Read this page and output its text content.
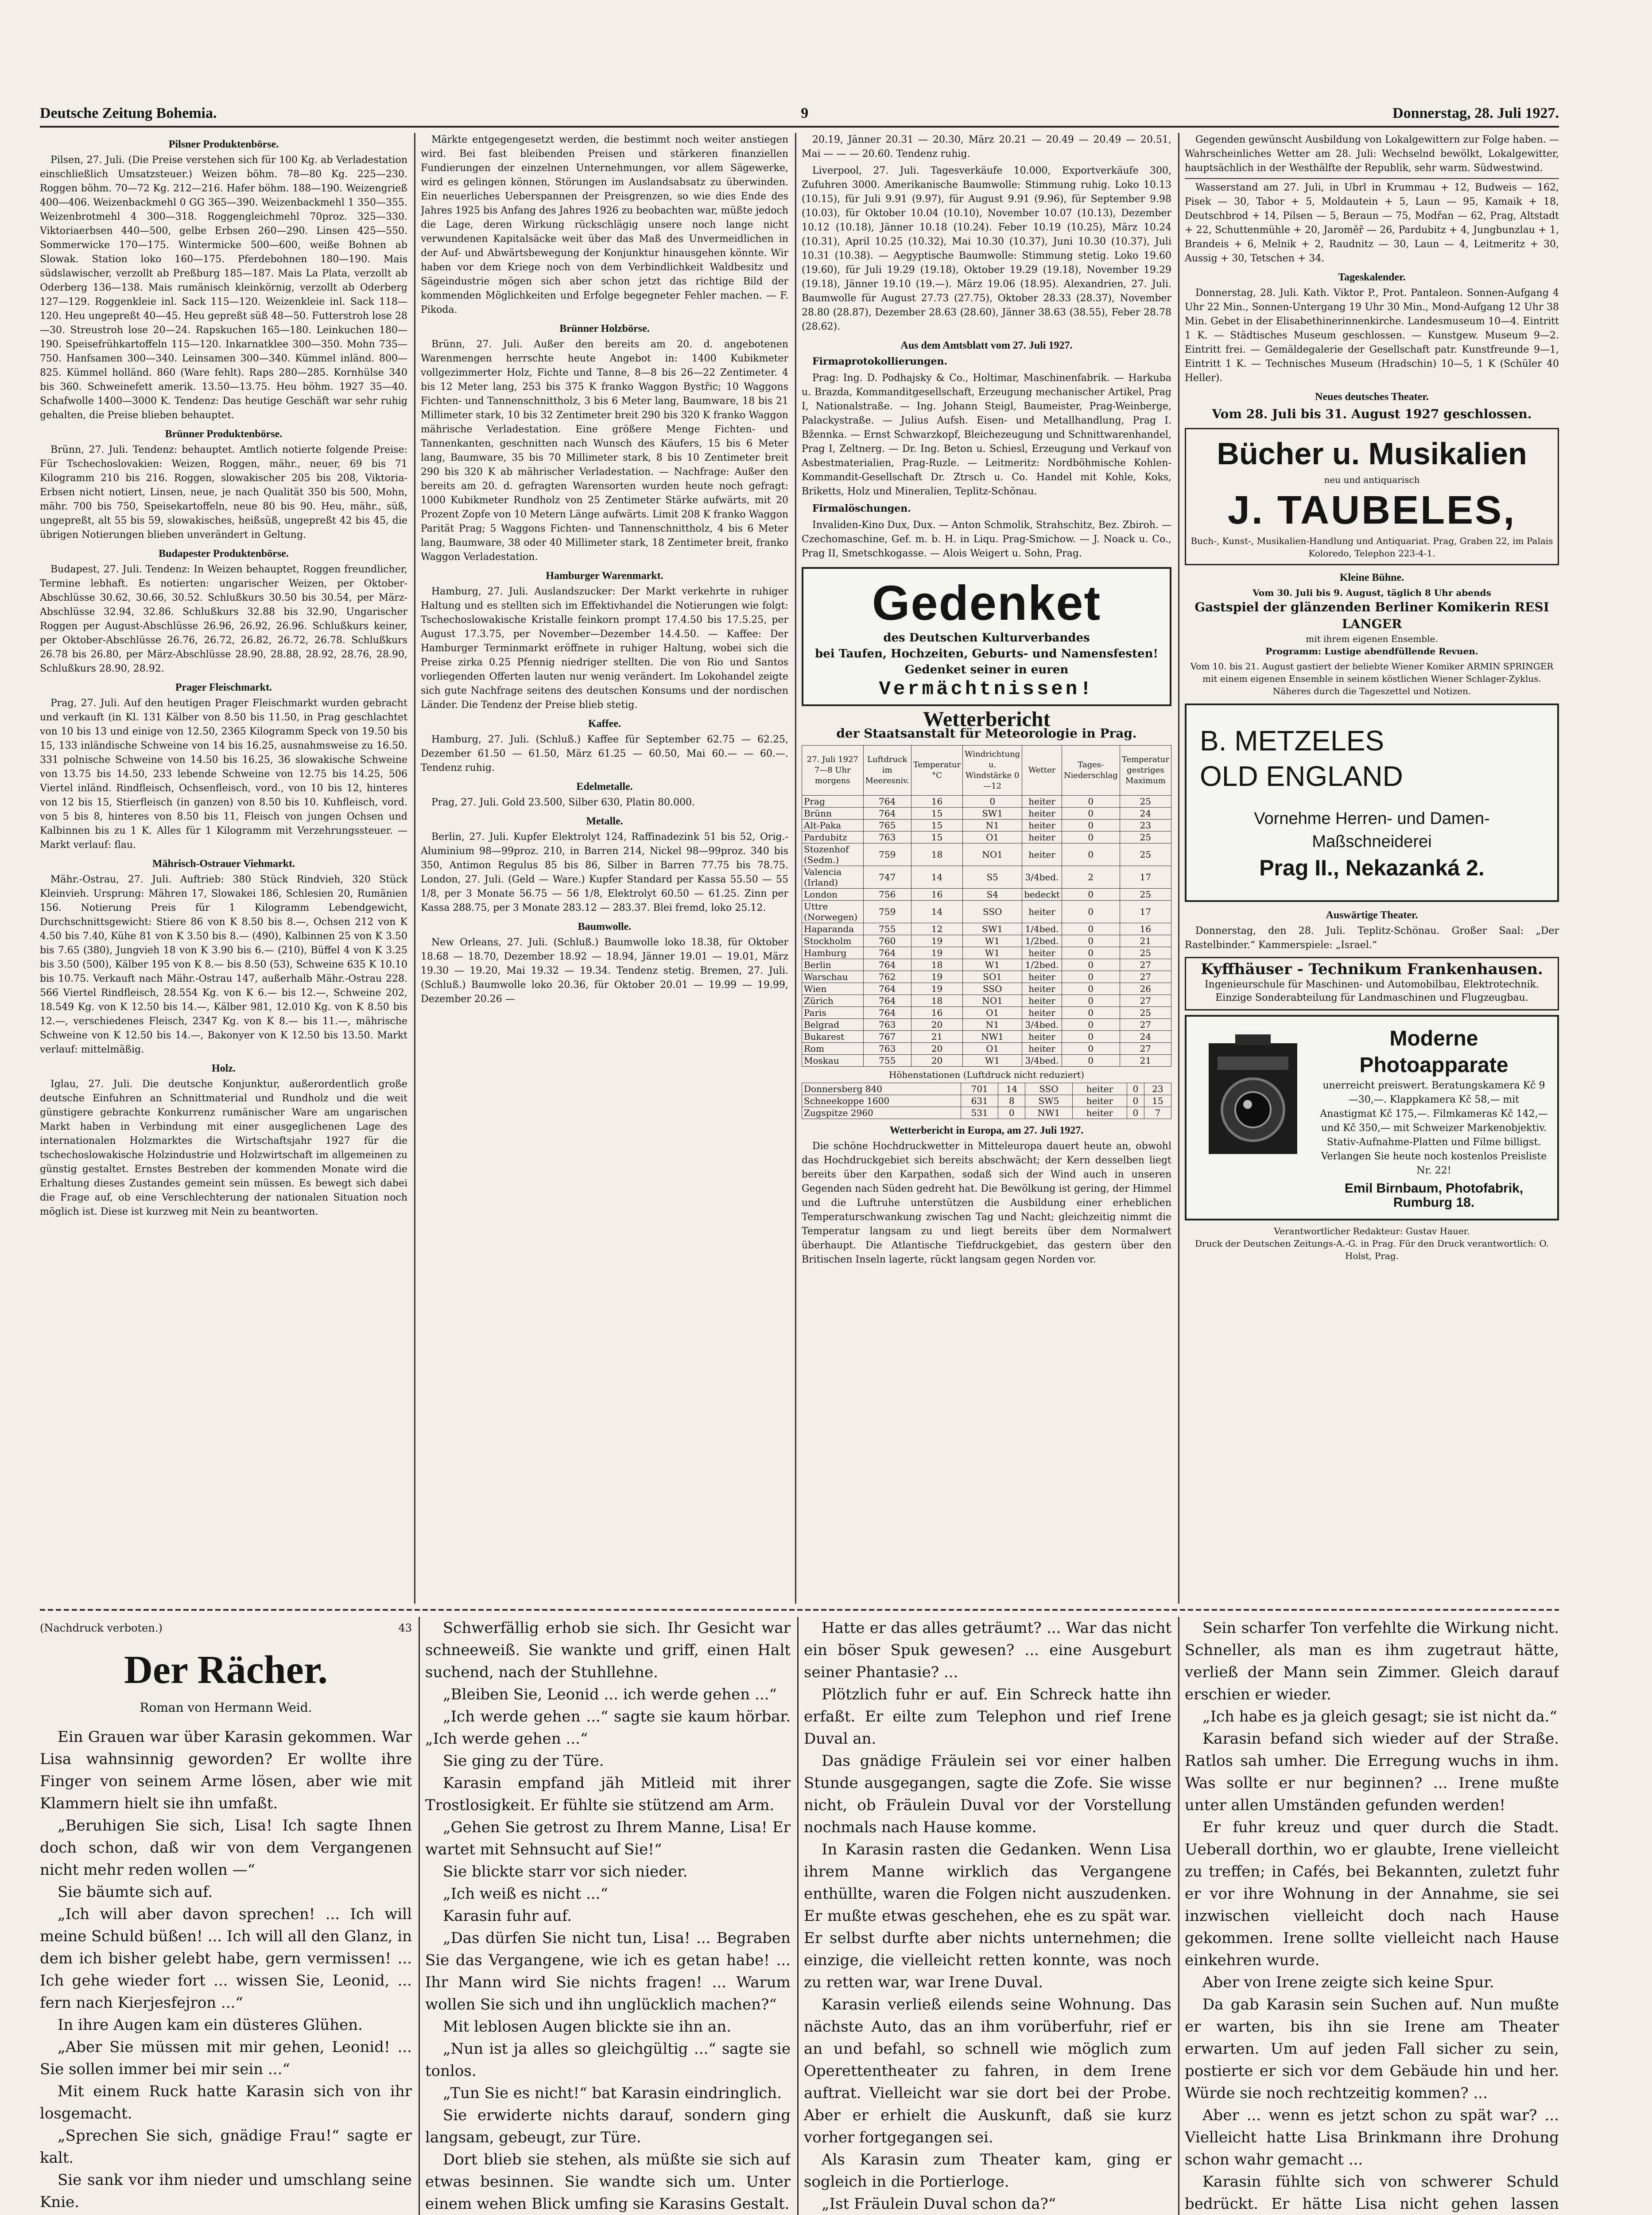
Deutsche Zeitung Bohemia.	9	Donnerstag, 28. Juli 1927.
Pilsner Produktenbörse.

Pilsen, 27. Juli. (Die Preise verstehen sich für 100 Kg. ab Verladestation einschließlich Umsatzsteuer.) Weizen böhm. 78—80 Kg. 225—230. Roggen böhm. 70—72 Kg. 212—216. Hafer böhm. 188—190. Weizengrieß 400—406. Weizenbackmehl 0 GG 365—390. Weizenbackmehl 1 350—355. Weizenbrotmehl 4 300—318. Roggengleichmehl 70proz. 325—330. Viktoriaerbsen 440—500, gelbe Erbsen 260—290. Linsen 425—550. Sommerwicke 170—175. Wintermicke 500—600, weiße Bohnen ab Slowak. Station loko 160—175. Pferdebohnen 180—190. Mais südslawischer, verzollt ab Preßburg 185—187. Mais La Plata, verzollt ab Oderberg 136—138. Mais rumänisch kleinkörnig, verzollt ab Oderberg 127—129. Roggenkleie inl. Sack 115—120. Weizenkleie inl. Sack 118—120. Heu ungepreßt 40—45. Heu gepreßt süß 48—50. Futterstroh lose 28—30. Streustroh lose 20—24. Rapskuchen 165—180. Leinkuchen 180—190. Speisefrühkartoffeln 115—120. Inkarnatklee 300—350. Mohn 735—750. Hanfsamen 300—340. Leinsamen 300—340. Kümmel inländ. 800—825. Kümmel holländ. 860 (Ware fehlt). Raps 280—285. Kornhülse 340 bis 360. Schweinefett amerik. 13.50—13.75. Heu böhm. 1927 35—40. Schafwolle 1400—3000 K. Tendenz: Das heutige Geschäft war sehr ruhig gehalten, die Preise blieben behauptet.

Brünner Produktenbörse.

Brünn, 27. Juli. Tendenz: behauptet. Amtlich notierte folgende Preise: Für Tschechoslovakien: Weizen, Roggen, mähr., neuer, 69 bis 71 Kilogramm 210 bis 216. Roggen, slowakischer 205 bis 208, Viktoria-Erbsen nicht notiert, Linsen, neue, je nach Qualität 350 bis 500, Mohn, mähr. 700 bis 750, Speisekartoffeln, neue 80 bis 90. Heu, mähr., süß, ungepreßt, alt 55 bis 59, slowakisches, heißsüß, ungepreßt 42 bis 45, die übrigen Notierungen blieben unverändert in Geltung.

Budapester Produktenbörse.

Budapest, 27. Juli. Tendenz: In Weizen behauptet, Roggen freundlicher, Termine lebhaft. Es notierten: ungarischer Weizen, per Oktober-Abschlüsse 30.62, 30.66, 30.52. Schlußkurs 30.50 bis 30.54, per März-Abschlüsse 32.94, 32.86. Schlußkurs 32.88 bis 32.90, Ungarischer Roggen per August-Abschlüsse 26.96, 26.92, 26.96. Schlußkurs keiner, per Oktober-Abschlüsse 26.76, 26.72, 26.82, 26.72, 26.78. Schlußkurs 26.78 bis 26.80, per März-Abschlüsse 28.90, 28.88, 28.92, 28.76, 28.90, Schlußkurs 28.90, 28.92.

Prager Fleischmarkt.

Prag, 27. Juli. Auf den heutigen Prager Fleischmarkt wurden gebracht und verkauft (in Kl. 131 Kälber von 8.50 bis 11.50, in Prag geschlachtet von 10 bis 13 und einige von 12.50, 2365 Kilogramm Speck von 19.50 bis 15, 133 inländische Schweine von 14 bis 16.25, ausnahmsweise zu 16.50. 331 polnische Schweine von 14.50 bis 16.25, 36 slowakische Schweine von 13.75 bis 14.50, 233 lebende Schweine von 12.75 bis 14.25, 506 Viertel inländ. Rindfleisch, Ochsenfleisch, vord., von 10 bis 12, hinteres von 12 bis 15, Stierfleisch (in ganzen) von 8.50 bis 10. Kuhfleisch, vord. von 5 bis 8, hinteres von 8.50 bis 11, Fleisch von jungen Ochsen und Kalbinnen bis zu 1 K. Alles für 1 Kilogramm mit Verzehrungssteuer. — Markt verlauf: flau.

Mährisch-Ostrauer Viehmarkt.

Mähr.-Ostrau, 27. Juli. Auftrieb: 380 Stück Rindvieh, 320 Stück Kleinvieh. Ursprung: Mähren 17, Slowakei 186, Schlesien 20, Rumänien 156. Notierung Preis für 1 Kilogramm Lebendgewicht, Durchschnittsgewicht: Stiere 86 von K 8.50 bis 8.—, Ochsen 212 von K 4.50 bis 7.40, Kühe 81 von K 3.50 bis 8.— (490), Kalbinnen 25 von K 3.50 bis 7.65 (380), Jungvieh 18 von K 3.90 bis 6.— (210), Büffel 4 von K 3.25 bis 3.50 (500), Kälber 195 von K 8.— bis 8.50 (53), Schweine 635 K 10.10 bis 10.75. Verkauft nach Mähr.-Ostrau 147, außerhalb Mähr.-Ostrau 228. 566 Viertel Rindfleisch, 28.554 Kg. von K 6.— bis 12.—, Schweine 202, 18.549 Kg. von K 12.50 bis 14.—, Kälber 981, 12.010 Kg. von K 8.50 bis 12.—, verschiedenes Fleisch, 2347 Kg. von K 8.— bis 11.—, mährische Schweine von K 12.50 bis 14.—, Bakonyer von K 12.50 bis 13.50. Markt verlauf: mittelmäßig.

Holz.

Iglau, 27. Juli. Die deutsche Konjunktur, außerordentlich große deutsche Einfuhren an Schnittmaterial und Rundholz und die weit günstigere gebrachte Konkurrenz rumänischer Ware am ungarischen Markt haben in Verbindung mit einer ausgeglichenen Lage des internationalen Holzmarktes die Wirtschaftsjahr 1927 für die tschechoslowakische Holzindustrie und Holzwirtschaft im allgemeinen zu günstig gestaltet. Ernstes Bestreben der kommenden Monate wird die Erhaltung dieses Zustandes gemeint sein müssen. Es bewegt sich dabei die Frage auf, ob eine Verschlechterung der nationalen Situation noch möglich ist. Diese ist kurzweg mit Nein zu beantworten.

Märkte entgegengesetzt werden, die bestimmt noch weiter anstiegen wird. Bei fast bleibenden Preisen und stärkeren finanziellen Fundierungen der einzelnen Unternehmungen, vor allem Sägewerke, wird es gelingen können, Störungen im Auslandsabsatz zu überwinden. Ein neuerliches Ueberspannen der Preisgrenzen, so wie dies Ende des Jahres 1925 bis Anfang des Jahres 1926 zu beobachten war, müßte jedoch die Lage, deren Wirkung rückschlägig unsere noch lange nicht verwundenen Kapitalsäcke weit über das Maß des Unvermeidlichen in der Auf- und Abwärtsbewegung der Konjunktur hinausgehen könnte. Wir haben vor dem Kriege noch von dem Verbindlichkeit Waldbesitz und Sägeindustrie mögen sich aber schon jetzt das richtige Bild der kommenden Möglichkeiten und Erfolge begegneter Fehler machen. — F. Pikoda.

Brünner Holzbörse.

Brünn, 27. Juli. Außer den bereits am 20. d. angebotenen Warenmengen herrschte heute Angebot in: 1400 Kubikmeter vollgezimmerter Holz, Fichte und Tanne, 8—8 bis 26—22 Zentimeter. 4 bis 12 Meter lang, 253 bis 375 K franko Waggon Bystřic; 10 Waggons Fichten- und Tannenschnittholz, 3 bis 6 Meter lang, Baumware, 18 bis 21 Millimeter stark, 10 bis 32 Zentimeter breit 290 bis 320 K franko Waggon mährische Verladestation. Eine größere Menge Fichten- und Tannenkanten, geschnitten nach Wunsch des Käufers, 15 bis 6 Meter lang, Baumware, 35 bis 70 Millimeter stark, 8 bis 10 Zentimeter breit 290 bis 320 K ab mährischer Verladestation. — Nachfrage: Außer den bereits am 20. d. gefragten Warensorten wurden heute noch gefragt: 1000 Kubikmeter Rundholz von 25 Zentimeter Stärke aufwärts, mit 20 Prozent Zopfe von 10 Metern Länge aufwärts. Limit 208 K franko Waggon Parität Prag; 5 Waggons Fichten- und Tannenschnittholz, 4 bis 6 Meter lang, Baumware, 38 oder 40 Millimeter stark, 18 Zentimeter breit, franko Waggon Verladestation.

Hamburger Warenmarkt.

Hamburg, 27. Juli. Auslandszucker: Der Markt verkehrte in ruhiger Haltung und es stellten sich im Effektivhandel die Notierungen wie folgt: Tschechoslowakische Kristalle feinkorn prompt 17.4.50 bis 17.5.25, per August 17.3.75, per November—Dezember 14.4.50. — Kaffee: Der Hamburger Terminmarkt eröffnete in ruhiger Haltung, wobei sich die Preise zirka 0.25 Pfennig niedriger stellten. Die von Rio und Santos vorliegenden Offerten lauten nur wenig verändert. Im Lokohandel zeigte sich gute Nachfrage seitens des deutschen Konsums und der nordischen Länder. Die Tendenz der Preise blieb stetig.

Kaffee.

Hamburg, 27. Juli. (Schluß.) Kaffee für September 62.75 — 62.25, Dezember 61.50 — 61.50, März 61.25 — 60.50, Mai 60.— — 60.—. Tendenz ruhig.

Edelmetalle.

Prag, 27. Juli. Gold 23.500, Silber 630, Platin 80.000.

Metalle.

Berlin, 27. Juli. Kupfer Elektrolyt 124, Raffinadezink 51 bis 52, Orig.-Aluminium 98—99proz. 210, in Barren 214, Nickel 98—99proz. 340 bis 350, Antimon Regulus 85 bis 86, Silber in Barren 77.75 bis 78.75. London, 27. Juli. (Geld — Ware.) Kupfer Standard per Kassa 55.50 — 55 1/8, per 3 Monate 56.75 — 56 1/8, Elektrolyt 60.50 — 61.25. Zinn per Kassa 288.75, per 3 Monate 283.12 — 283.37. Blei fremd, loko 25.12.

Baumwolle.

New Orleans, 27. Juli. (Schluß.) Baumwolle loko 18.38, für Oktober 18.68 — 18.70, Dezember 18.92 — 18.94, Jänner 19.01 — 19.01, März 19.30 — 19.20, Mai 19.32 — 19.34. Tendenz stetig. Bremen, 27. Juli. (Schluß.) Baumwolle loko 20.36, für Oktober 20.01 — 19.99 — 19.99, Dezember 20.26 —

20.19, Jänner 20.31 — 20.30, März 20.21 — 20.49 — 20.49 — 20.51, Mai — — — 20.60. Tendenz ruhig.

Liverpool, 27. Juli. Tagesverkäufe 10.000, Exportverkäufe 300, Zufuhren 3000. Amerikanische Baumwolle: Stimmung ruhig. Loko 10.13 (10.15), für Juli 9.91 (9.97), für August 9.91 (9.96), für September 9.98 (10.03), für Oktober 10.04 (10.10), November 10.07 (10.13), Dezember 10.12 (10.18), Jänner 10.18 (10.24). Feber 10.19 (10.25), März 10.24 (10.31), April 10.25 (10.32), Mai 10.30 (10.37), Juni 10.30 (10.37), Juli 10.31 (10.38). — Aegyptische Baumwolle: Stimmung stetig. Loko 19.60 (19.60), für Juli 19.29 (19.18), Oktober 19.29 (19.18), November 19.29 (19.18), Jänner 19.10 (19.—). März 19.06 (18.95). Alexandrien, 27. Juli. Baumwolle für August 27.73 (27.75), Oktober 28.33 (28.37), November 28.80 (28.87), Dezember 28.63 (28.60), Jänner 38.63 (38.55), Feber 28.78 (28.62).

Aus dem Amtsblatt vom 27. Juli 1927.

Firmaprotokollierungen.

Prag: Ing. D. Podhajsky & Co., Holtimar, Maschinenfabrik. — Harkuba u. Brazda, Kommanditgesellschaft, Erzeugung mechanischer Artikel, Prag I, Nationalstraße. — Ing. Johann Steigl, Baumeister, Prag-Weinberge, Palackystraße. — Julius Aufsh. Eisen- und Metallhandlung, Prag I. Bžennka. — Ernst Schwarzkopf, Bleichezeugung und Schnittwarenhandel, Prag I, Zeltnerg. — Dr. Ing. Beton u. Schiesl, Erzeugung und Verkauf von Asbestmaterialien, Prag-Ruzle. — Leitmeritz: Nordböhmische Kohlen-Kommandit-Gesellschaft Dr. Ztrsch u. Co. Handel mit Kohle, Koks, Briketts, Holz und Mineralien, Teplitz-Schönau.

Firmalöschungen.

Invaliden-Kino Dux, Dux. — Anton Schmolik, Strahschitz, Bez. Zbiroh. — Czechomaschine, Gef. m. b. H. in Liqu. Prag-Smichow. — J. Noack u. Co., Prag II, Smetschkogasse. — Alois Weigert u. Sohn, Prag.

Gedenket
des Deutschen Kulturverbandes
bei Taufen, Hochzeiten, Geburts- und Namensfesten!
Gedenket seiner in euren
Vermächtnissen!
Wetterbericht
der Staatsanstalt für Meteorologie in Prag.
27. Juli 1927 7—8 Uhr morgens	Luftdruck im Meeresniv.	Temperatur °C	Windrichtung u. Windstärke 0—12	Wetter	Tages-Niederschlag	Temperatur gestriges Maximum
Prag	764	16	0	heiter	0	25
Brünn	764	15	SW1	heiter	0	24
Alt-Paka	765	15	N1	heiter	0	23
Pardubitz	763	15	O1	heiter	0	25
Stozenhof (Sedm.)	759	18	NO1	heiter	0	25
Valencia (Irland)	747	14	S5	3/4bed.	2	17
London	756	16	S4	bedeckt	0	25
Uttre (Norwegen)	759	14	SSO	heiter	0	17
Haparanda	755	12	SW1	1/4bed.	0	16
Stockholm	760	19	W1	1/2bed.	0	21
Hamburg	764	19	W1	heiter	0	25
Berlin	764	18	W1	1/2bed.	0	27
Warschau	762	19	SO1	heiter	0	27
Wien	764	19	SSO	heiter	0	26
Zürich	764	18	NO1	heiter	0	27
Paris	764	16	O1	heiter	0	25
Belgrad	763	20	N1	3/4bed.	0	27
Bukarest	767	21	NW1	heiter	0	24
Rom	763	20	O1	heiter	0	27
Moskau	755	20	W1	3/4bed.	0	21
Höhenstationen (Luftdruck nicht reduziert)
Donnersberg 840	701	14	SSO	heiter	0	23
Schneekoppe 1600	631	8	SW5	heiter	0	15
Zugspitze 2960	531	0	NW1	heiter	0	7
Wetterbericht in Europa, am 27. Juli 1927.

Die schöne Hochdruckwetter in Mitteleuropa dauert heute an, obwohl das Hochdruckgebiet sich bereits abschwächt; der Kern desselben liegt bereits über den Karpathen, sodaß sich der Wind auch in unseren Gegenden nach Süden gedreht hat. Die Bewölkung ist gering, der Himmel und die Luftruhe unterstützen die Ausbildung einer erheblichen Temperaturschwankung zwischen Tag und Nacht; gleichzeitig nimmt die Temperatur langsam zu und liegt bereits über dem Normalwert überhaupt. Die Atlantische Tiefdruckgebiet, das gestern über den Britischen Inseln lagerte, rückt langsam gegen Norden vor.

Gegenden gewünscht Ausbildung von Lokalgewittern zur Folge haben. — Wahrscheinliches Wetter am 28. Juli: Wechselnd bewölkt, Lokalgewitter, hauptsächlich in der Westhälfte der Republik, sehr warm. Südwestwind.

Wasserstand am 27. Juli, in Ubrl in Krummau + 12, Budweis — 162, Pisek — 30, Tabor + 5, Moldautein + 5, Laun — 95, Kamaik + 18, Deutschbrod + 14, Pilsen — 5, Beraun — 75, Modřan — 62, Prag, Altstadt + 22, Schuttenmühle + 20, Jaroměř — 26, Pardubitz + 4, Jungbunzlau + 1, Brandeis + 6, Melnik + 2, Raudnitz — 30, Laun — 4, Leitmeritz + 30, Aussig + 30, Tetschen + 34.

Tageskalender.

Donnerstag, 28. Juli. Kath. Viktor P., Prot. Pantaleon. Sonnen-Aufgang 4 Uhr 22 Min., Sonnen-Untergang 19 Uhr 30 Min., Mond-Aufgang 12 Uhr 38 Min. Gebet in der Elisabethinerinnenkirche. Landesmuseum 10—4. Eintritt 1 K. — Städtisches Museum geschlossen. — Kunstgew. Museum 9—2. Eintritt frei. — Gemäldegalerie der Gesellschaft patr. Kunstfreunde 9—1, Eintritt 1 K. — Technisches Museum (Hradschin) 10—5, 1 K (Schüler 40 Heller).

Neues deutsches Theater.
Vom 28. Juli bis 31. August 1927 geschlossen.
Bücher u. Musikalien
neu und antiquarisch
J. TAUBELES,
Buch-, Kunst-, Musikalien-Handlung und Antiquariat. Prag, Graben 22, im Palais Koloredo, Telephon 223-4-1.
Kleine Bühne.
Vom 30. Juli bis 9. August, täglich 8 Uhr abends
Gastspiel der glänzenden Berliner Komikerin RESI LANGER
mit ihrem eigenen Ensemble.
Programm: Lustige abendfüllende Revuen.
Vom 10. bis 21. August gastiert der beliebte Wiener Komiker ARMIN SPRINGER mit einem eigenen Ensemble in seinem köstlichen Wiener Schlager-Zyklus.
Näheres durch die Tageszettel und Notizen.
B. METZELES
OLD ENGLAND
Vornehme Herren- und Damen-Maßschneiderei
Prag II., Nekazanká 2.
Auswärtige Theater.

Donnerstag, den 28. Juli. Teplitz-Schönau. Großer Saal: „Der Rastelbinder.“ Kammerspiele: „Israel.“

Kyffhäuser - Technikum Frankenhausen.
Ingenieurschule für Maschinen- und Automobilbau, Elektrotechnik. Einzige Sonderabteilung für Landmaschinen und Flugzeugbau.
Moderne Photoapparate
unerreicht preiswert. Beratungskamera Kč 9—30,—. Klappkamera Kč 58,— mit Anastigmat Kč 175,—. Filmkameras Kč 142,— und Kč 350,— mit Schweizer Markenobjektiv. Stativ-Aufnahme-Platten und Filme billigst. Verlangen Sie heute noch kostenlos Preisliste Nr. 22!
Emil Birnbaum, Photofabrik, Rumburg 18.
Verantwortlicher Redakteur: Gustav Hauer.
Druck der Deutschen Zeitungs-A.-G. in Prag. Für den Druck verantwortlich: O. Holst, Prag.
(Nachdruck verboten.)	43
Der Rächer.
Roman von Hermann Weid.

Ein Grauen war über Karasin gekommen. War Lisa wahnsinnig geworden? Er wollte ihre Finger von seinem Arme lösen, aber wie mit Klammern hielt sie ihn umfaßt.

„Beruhigen Sie sich, Lisa! Ich sagte Ihnen doch schon, daß wir von dem Vergangenen nicht mehr reden wollen —“

Sie bäumte sich auf.

„Ich will aber davon sprechen! ... Ich will meine Schuld büßen! ... Ich will all den Glanz, in dem ich bisher gelebt habe, gern vermissen! ... Ich gehe wieder fort ... wissen Sie, Leonid, ... fern nach Kierjesfejron ...“

In ihre Augen kam ein düsteres Glühen.

„Aber Sie müssen mit mir gehen, Leonid! ... Sie sollen immer bei mir sein ...“

Mit einem Ruck hatte Karasin sich von ihr losgemacht.

„Sprechen Sie sich, gnädige Frau!“ sagte er kalt.

Sie sank vor ihm nieder und umschlang seine Knie.

Schwerfällig erhob sie sich. Ihr Gesicht war schneeweiß. Sie wankte und griff, einen Halt suchend, nach der Stuhllehne.

„Bleiben Sie, Leonid ... ich werde gehen ...“

„Ich werde gehen ...“ sagte sie kaum hörbar. „Ich werde gehen ...“

Sie ging zu der Türe.

Karasin empfand jäh Mitleid mit ihrer Trostlosigkeit. Er fühlte sie stützend am Arm.

„Gehen Sie getrost zu Ihrem Manne, Lisa! Er wartet mit Sehnsucht auf Sie!“

Sie blickte starr vor sich nieder.

„Ich weiß es nicht ...“

Karasin fuhr auf.

„Das dürfen Sie nicht tun, Lisa! ... Begraben Sie das Vergangene, wie ich es getan habe! ... Ihr Mann wird Sie nichts fragen! ... Warum wollen Sie sich und ihn unglücklich machen?“

Mit leblosen Augen blickte sie ihn an.

„Nun ist ja alles so gleichgültig ...“ sagte sie tonlos.

„Tun Sie es nicht!“ bat Karasin eindringlich.

Sie erwiderte nichts darauf, sondern ging langsam, gebeugt, zur Türe.

Dort blieb sie stehen, als müßte sie sich auf etwas besinnen. Sie wandte sich um. Unter einem wehen Blick umfing sie Karasins Gestalt.

Hatte er das alles geträumt? ... War das nicht ein böser Spuk gewesen? ... eine Ausgeburt seiner Phantasie? ...

Plötzlich fuhr er auf. Ein Schreck hatte ihn erfaßt. Er eilte zum Telephon und rief Irene Duval an.

Das gnädige Fräulein sei vor einer halben Stunde ausgegangen, sagte die Zofe. Sie wisse nicht, ob Fräulein Duval vor der Vorstellung nochmals nach Hause komme.

In Karasin rasten die Gedanken. Wenn Lisa ihrem Manne wirklich das Vergangene enthüllte, waren die Folgen nicht auszudenken. Er mußte etwas geschehen, ehe es zu spät war. Er selbst durfte aber nichts unternehmen; die einzige, die vielleicht retten konnte, was noch zu retten war, war Irene Duval.

Karasin verließ eilends seine Wohnung. Das nächste Auto, das an ihm vorüberfuhr, rief er an und befahl, so schnell wie möglich zum Operettentheater zu fahren, in dem Irene auftrat. Vielleicht war sie dort bei der Probe. Aber er erhielt die Auskunft, daß sie kurz vorher fortgegangen sei.

Als Karasin zum Theater kam, ging er sogleich in die Portierloge.

„Ist Fräulein Duval schon da?“

Sein scharfer Ton verfehlte die Wirkung nicht. Schneller, als man es ihm zugetraut hätte, verließ der Mann sein Zimmer. Gleich darauf erschien er wieder.

„Ich habe es ja gleich gesagt; sie ist nicht da.“

Karasin befand sich wieder auf der Straße. Ratlos sah umher. Die Erregung wuchs in ihm. Was sollte er nur beginnen? ... Irene mußte unter allen Umständen gefunden werden!

Er fuhr kreuz und quer durch die Stadt. Ueberall dorthin, wo er glaubte, Irene vielleicht zu treffen; in Cafés, bei Bekannten, zuletzt fuhr er vor ihre Wohnung in der Annahme, sie sei inzwischen vielleicht doch nach Hause gekommen. Irene sollte vielleicht nach Hause einkehren wurde.

Aber von Irene zeigte sich keine Spur.

Da gab Karasin sein Suchen auf. Nun mußte er warten, bis ihn sie Irene am Theater erwarten. Um auf jeden Fall sicher zu sein, postierte er sich vor dem Gebäude hin und her. Würde sie noch rechtzeitig kommen? ...

Aber ... wenn es jetzt schon zu spät war? ... Vielleicht hatte Lisa Brinkmann ihre Drohung schon wahr gemacht ...

Karasin fühlte sich von schwerer Schuld bedrückt. Er hätte Lisa nicht gehen lassen
